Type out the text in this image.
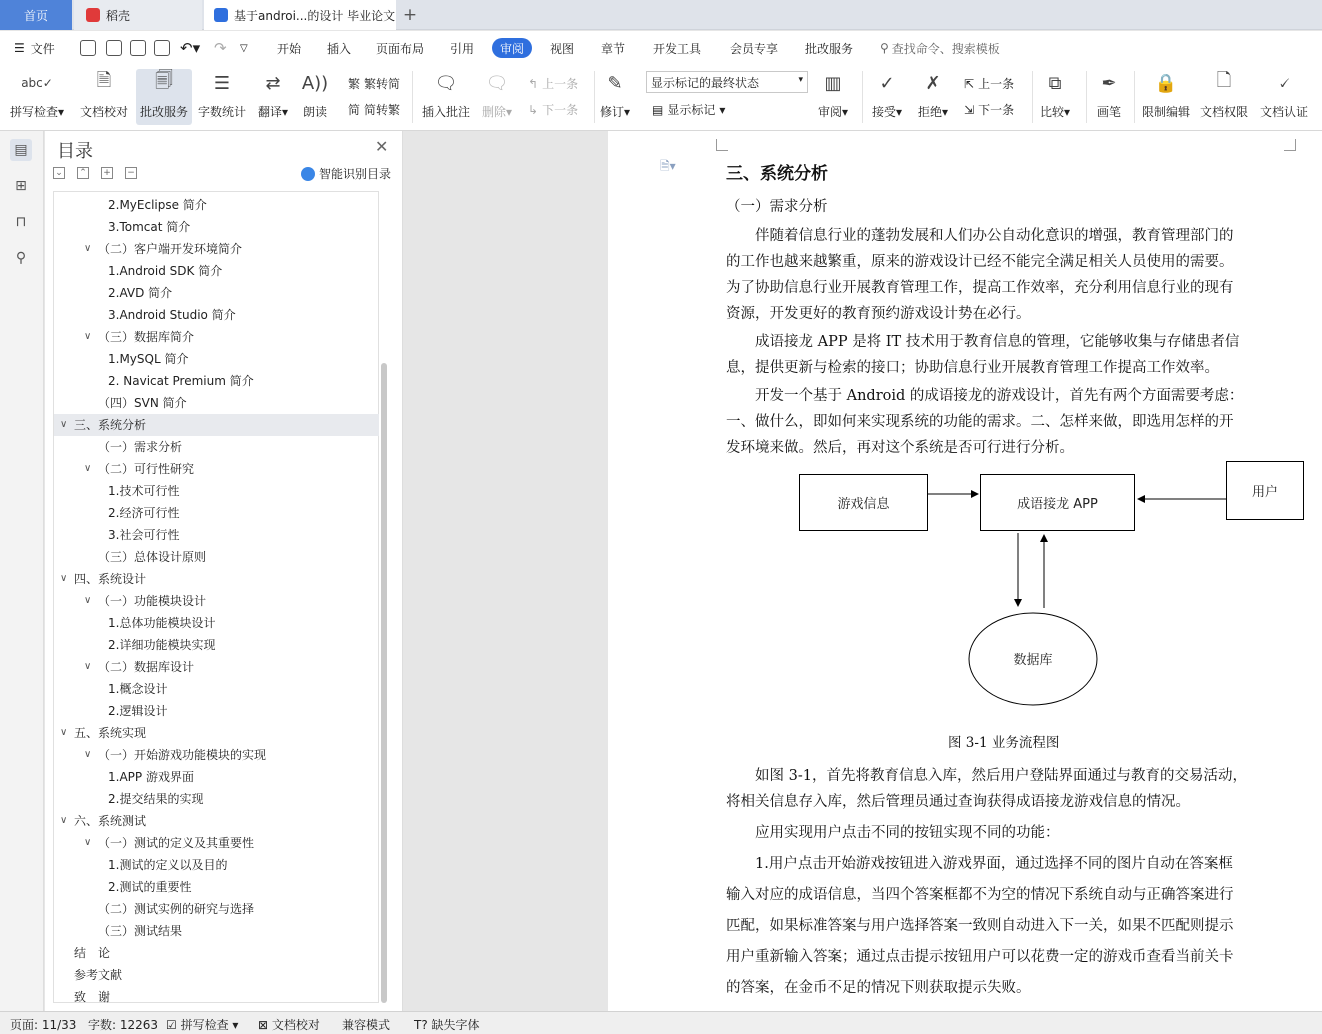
首页	稻壳	基于androi...的设计 毕业论文 +
☰ 文件	↶▾ ↷ ▽ 开始 插入 页面布局 引用	审阅	视图 章节 开发工具 会员专享 批改服务 ⚲ 查找命令、搜索模板
abc✓
拼写检查▾
🗎
文档校对
🗐
批改服务
☰
字数统计
⇄
翻译▾
A))
朗读
繁 繁转简
简 简转繁
🗨
插入批注
🗨
删除▾
↰ 上一条
↳ 下一条
✎
修订▾
显示标记的最终状态	▾
▤ 显示标记 ▾
▥
审阅▾
✓
接受▾
✗
拒绝▾
⇱ 上一条
⇲ 下一条
⧉
比较▾
✒
画笔
🔒
限制编辑
🗋
文档权限
🗸
文档认证
▤
⊞
⊓
⚲
目录	✕
⌄ ⌃ + −	智能识别目录
2.MyEclipse 简介
3.Tomcat 简介
∨ （二）客户端开发环境简介
1.Android SDK 简介
2.AVD 简介
3.Android Studio 简介
∨ （三）数据库简介
1.MySQL 简介
2. Navicat Premium 简介
（四）SVN 简介
∨ 三、系统分析
（一）需求分析
∨ （二）可行性研究
1.技术可行性
2.经济可行性
3.社会可行性
（三）总体设计原则
∨ 四、系统设计
∨ （一）功能模块设计
1.总体功能模块设计
2.详细功能模块实现
∨ （二）数据库设计
1.概念设计
2.逻辑设计
∨ 五、系统实现
∨ （一）开始游戏功能模块的实现
1.APP 游戏界面
2.提交结果的实现
∨ 六、系统测试
∨ （一）测试的定义及其重要性
1.测试的定义以及目的
2.测试的重要性
（二）测试实例的研究与选择
（三）测试结果
结　论
参考文献
致　谢
🗎▾	三、系统分析
（一）需求分析
　　伴随着信息行业的蓬勃发展和人们办公自动化意识的增强，教育管理部门的
的工作也越来越繁重，原来的游戏设计已经不能完全满足相关人员使用的需要。
为了协助信息行业开展教育管理工作，提高工作效率，充分利用信息行业的现有
资源，开发更好的教育预约游戏设计势在必行。
　　成语接龙 APP 是将 IT 技术用于教育信息的管理，它能够收集与存储患者信
息，提供更新与检索的接口；协助信息行业开展教育管理工作提高工作效率。
　　开发一个基于 Android 的成语接龙的游戏设计，首先有两个方面需要考虑：
一、做什么，即如何来实现系统的功能的需求。二、怎样来做，即选用怎样的开
发环境来做。然后，再对这个系统是否可行进行分析。
游戏信息	成语接龙 APP
用户
数据库
图 3-1 业务流程图
　　如图 3-1，首先将教育信息入库，然后用户登陆界面通过与教育的交易活动，
将相关信息存入库，然后管理员通过查询获得成语接龙游戏信息的情况。
　　应用实现用户点击不同的按钮实现不同的功能：
　　1.用户点击开始游戏按钮进入游戏界面，通过选择不同的图片自动在答案框
输入对应的成语信息，当四个答案框都不为空的情况下系统自动与正确答案进行
匹配，如果标准答案与用户选择答案一致则自动进入下一关，如果不匹配则提示
用户重新输入答案；通过点击提示按钮用户可以花费一定的游戏币查看当前关卡
的答案，在金币不足的情况下则获取提示失败。
页面: 11/33 字数: 12263 ☑ 拼写检查 ▾ ⊠ 文档校对 兼容模式 T? 缺失字体
